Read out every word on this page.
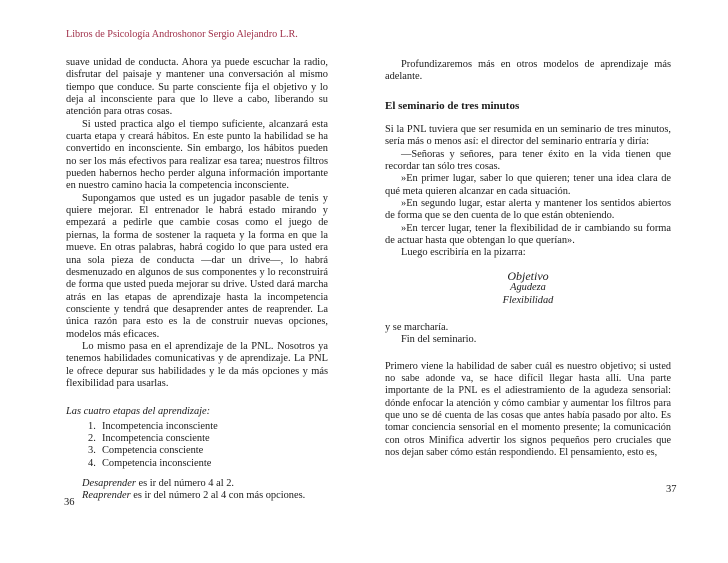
Libros de Psicología Androshonor Sergio Alejandro L.R.

suave unidad de conducta. Ahora ya puede escuchar la radio, disfrutar del paisaje y mantener una conversación al mismo tiempo que conduce. Su parte consciente fija el objetivo y lo deja al inconsciente para que lo lleve a cabo, liberando su atención para otras cosas.

Si usted practica algo el tiempo suficiente, alcanzará esta cuarta etapa y creará hábitos. En este punto la habilidad se ha convertido en inconsciente. Sin embargo, los hábitos pueden no ser los más efectivos para realizar esa tarea; nuestros filtros pueden habernos hecho perder alguna información importante en nuestro camino hacia la competencia inconsciente.

Supongamos que usted es un jugador pasable de tenis y quiere mejorar. El entrenador le habrá estado mirando y empezará a pedirle que cambie cosas como el juego de piernas, la forma de sostener la raqueta y la forma en que la mueve. En otras palabras, habrá cogido lo que para usted era una sola pieza de conducta —dar un drive—, lo habrá desmenuzado en algunos de sus componentes y lo reconstruirá de forma que usted pueda mejorar su drive. Usted dará marcha atrás en las etapas de aprendizaje hasta la incompetencia consciente y tendrá que desaprender antes de reaprender. La única razón para esto es la de construir nuevas opciones, modelos más eficaces.

Lo mismo pasa en el aprendizaje de la PNL. Nosotros ya tenemos habilidades comunicativas y de aprendizaje. La PNL le ofrece depurar sus habilidades y le da más opciones y más flexibilidad para usarlas.

Las cuatro etapas del aprendizaje:

1. Incompetencia inconsciente
2. Incompetencia consciente
3. Competencia consciente
4. Competencia inconsciente

Desaprender es ir del número 4 al 2.

Reaprender es ir del número 2 al 4 con más opciones.

36

Profundizaremos más en otros modelos de aprendizaje más adelante.

El seminario de tres minutos

Si la PNL tuviera que ser resumida en un seminario de tres minutos, sería más o menos así: el director del seminario entraría y diría:

—Señoras y señores, para tener éxito en la vida tienen que recordar tan sólo tres cosas.

»En primer lugar, saber lo que quieren; tener una idea clara de qué meta quieren alcanzar en cada situación.

»En segundo lugar, estar alerta y mantener los sentidos abiertos de forma que se den cuenta de lo que están obteniendo.

»En tercer lugar, tener la flexibilidad de ir cambiando su forma de actuar hasta que obtengan lo que querían».

Luego escribiría en la pizarra:

Objetivo

Agudeza

Flexibilidad

y se marcharía.

Fin del seminario.

Primero viene la habilidad de saber cuál es nuestro objetivo; si usted no sabe adonde va, se hace difícil llegar hasta allí. Una parte importante de la PNL es el adiestramiento de la agudeza sensorial: dónde enfocar la atención y cómo cambiar y aumentar los filtros para que uno se dé cuenta de las cosas que antes había pasado por alto. Es tomar conciencia sensorial en el momento presente; la comunicación con otros Minifica advertir los signos pequeños pero cruciales que nos dejan saber cómo están respondiendo. El pensamiento, esto es,

37
